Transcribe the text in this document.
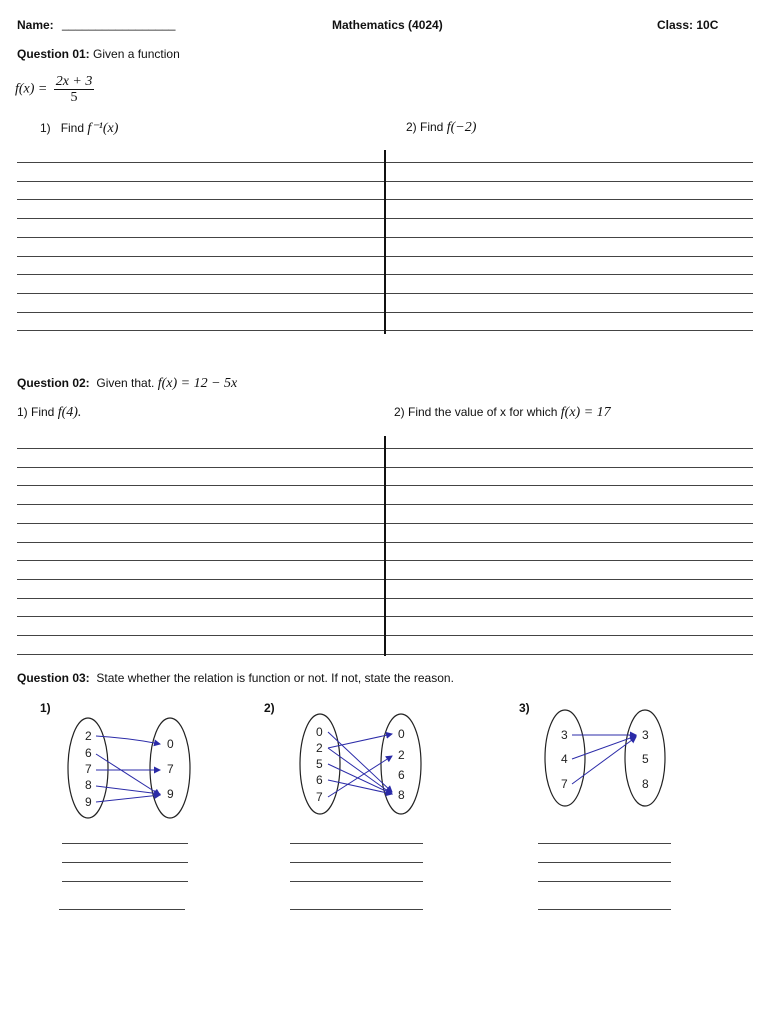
Name: _________________	Mathematics (4024)	Class: 10C
Question 01: Given a function
$f(x) = \frac{2x + 3}{5}$
1) Find f⁻¹(x)	2) Find f(−2)
Question 02: Given that. f(x) = 12 − 5x
1) Find f(4).	2) Find the value of x for which f(x) = 17
Question 03: State whether the relation is function or not. If not, state the reason.
1)	2)	3)
2
6
7
8
9
0
7
9
0
2
5
6
7
0
2
6
8
3
4
7
3
5
8
